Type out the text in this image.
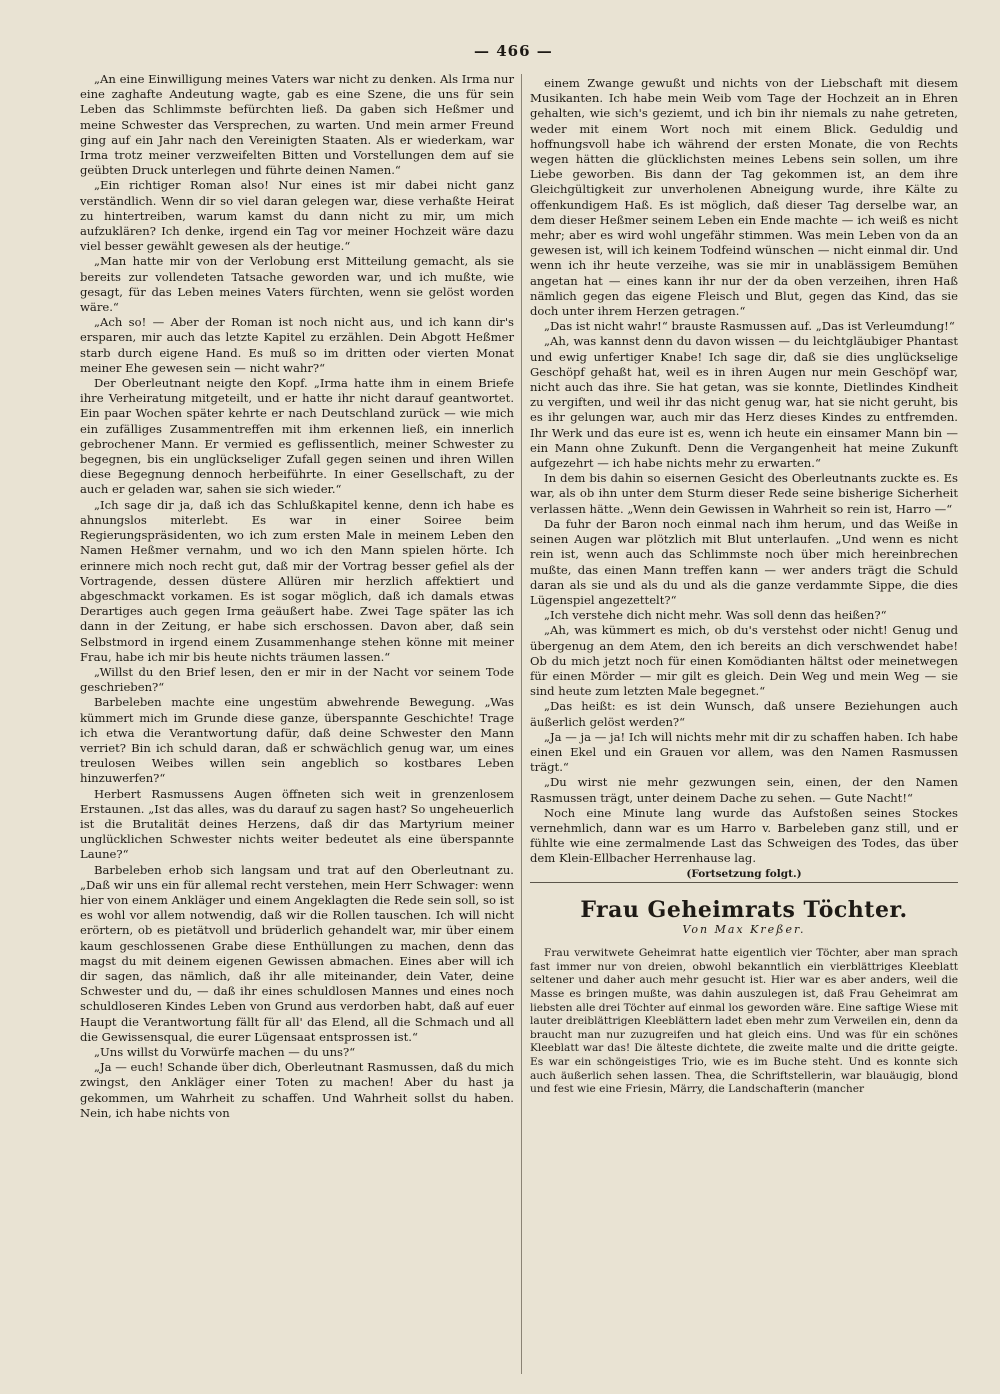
— 466 —

„An eine Einwilligung meines Vaters war nicht zu denken. Als Irma nur eine zaghafte Andeutung wagte, gab es eine Szene, die uns für sein Leben das Schlimmste befürchten ließ. Da gaben sich Heßmer und meine Schwester das Versprechen, zu warten. Und mein armer Freund ging auf ein Jahr nach den Vereinigten Staaten. Als er wiederkam, war Irma trotz meiner verzweifelten Bitten und Vorstellungen dem auf sie geübten Druck unterlegen und führte deinen Namen.“

„Ein richtiger Roman also! Nur eines ist mir dabei nicht ganz verständlich. Wenn dir so viel daran gelegen war, diese verhaßte Heirat zu hintertreiben, warum kamst du dann nicht zu mir, um mich aufzuklären? Ich denke, irgend ein Tag vor meiner Hochzeit wäre dazu viel besser gewählt gewesen als der heutige.“

„Man hatte mir von der Verlobung erst Mitteilung gemacht, als sie bereits zur vollendeten Tatsache geworden war, und ich mußte, wie gesagt, für das Leben meines Vaters fürchten, wenn sie gelöst worden wäre.“

„Ach so! — Aber der Roman ist noch nicht aus, und ich kann dir's ersparen, mir auch das letzte Kapitel zu erzählen. Dein Abgott Heßmer starb durch eigene Hand. Es muß so im dritten oder vierten Monat meiner Ehe gewesen sein — nicht wahr?“

Der Oberleutnant neigte den Kopf. „Irma hatte ihm in einem Briefe ihre Verheiratung mitgeteilt, und er hatte ihr nicht darauf geantwortet. Ein paar Wochen später kehrte er nach Deutschland zurück — wie mich ein zufälliges Zusammentreffen mit ihm erkennen ließ, ein innerlich gebrochener Mann. Er vermied es geflissentlich, meiner Schwester zu begegnen, bis ein unglückseliger Zufall gegen seinen und ihren Willen diese Begegnung dennoch herbeiführte. In einer Gesellschaft, zu der auch er geladen war, sahen sie sich wieder.“

„Ich sage dir ja, daß ich das Schlußkapitel kenne, denn ich habe es ahnungslos miterlebt. Es war in einer Soiree beim Regierungspräsidenten, wo ich zum ersten Male in meinem Leben den Namen Heßmer vernahm, und wo ich den Mann spielen hörte. Ich erinnere mich noch recht gut, daß mir der Vortrag besser gefiel als der Vortragende, dessen düstere Allüren mir herzlich affektiert und abgeschmackt vorkamen. Es ist sogar möglich, daß ich damals etwas Derartiges auch gegen Irma geäußert habe. Zwei Tage später las ich dann in der Zeitung, er habe sich erschossen. Davon aber, daß sein Selbstmord in irgend einem Zusammenhange stehen könne mit meiner Frau, habe ich mir bis heute nichts träumen lassen.“

„Willst du den Brief lesen, den er mir in der Nacht vor seinem Tode geschrieben?“

Barbeleben machte eine ungestüm abwehrende Bewegung. „Was kümmert mich im Grunde diese ganze, überspannte Geschichte! Trage ich etwa die Verantwortung dafür, daß deine Schwester den Mann verriet? Bin ich schuld daran, daß er schwächlich genug war, um eines treulosen Weibes willen sein angeblich so kostbares Leben hinzuwerfen?“

Herbert Rasmussens Augen öffneten sich weit in grenzenlosem Erstaunen. „Ist das alles, was du darauf zu sagen hast? So ungeheuerlich ist die Brutalität deines Herzens, daß dir das Martyrium meiner unglücklichen Schwester nichts weiter bedeutet als eine überspannte Laune?“

Barbeleben erhob sich langsam und trat auf den Oberleutnant zu. „Daß wir uns ein für allemal recht verstehen, mein Herr Schwager: wenn hier von einem Ankläger und einem Angeklagten die Rede sein soll, so ist es wohl vor allem notwendig, daß wir die Rollen tauschen. Ich will nicht erörtern, ob es pietätvoll und brüderlich gehandelt war, mir über einem kaum geschlossenen Grabe diese Enthüllungen zu machen, denn das magst du mit deinem eigenen Gewissen abmachen. Eines aber will ich dir sagen, das nämlich, daß ihr alle miteinander, dein Vater, deine Schwester und du, — daß ihr eines schuldlosen Mannes und eines noch schuldloseren Kindes Leben von Grund aus verdorben habt, daß auf euer Haupt die Verantwortung fällt für all' das Elend, all die Schmach und all die Gewissensqual, die eurer Lügensaat entsprossen ist.“

„Uns willst du Vorwürfe machen — du uns?“

„Ja — euch! Schande über dich, Oberleutnant Rasmussen, daß du mich zwingst, den Ankläger einer Toten zu machen! Aber du hast ja gekommen, um Wahrheit zu schaffen. Und Wahrheit sollst du haben. Nein, ich habe nichts von

einem Zwange gewußt und nichts von der Liebschaft mit diesem Musikanten. Ich habe mein Weib vom Tage der Hochzeit an in Ehren gehalten, wie sich's geziemt, und ich bin ihr niemals zu nahe getreten, weder mit einem Wort noch mit einem Blick. Geduldig und hoffnungsvoll habe ich während der ersten Monate, die von Rechts wegen hätten die glücklichsten meines Lebens sein sollen, um ihre Liebe geworben. Bis dann der Tag gekommen ist, an dem ihre Gleichgültigkeit zur unverholenen Abneigung wurde, ihre Kälte zu offenkundigem Haß. Es ist möglich, daß dieser Tag derselbe war, an dem dieser Heßmer seinem Leben ein Ende machte — ich weiß es nicht mehr; aber es wird wohl ungefähr stimmen. Was mein Leben von da an gewesen ist, will ich keinem Todfeind wünschen — nicht einmal dir. Und wenn ich ihr heute verzeihe, was sie mir in unablässigem Bemühen angetan hat — eines kann ihr nur der da oben verzeihen, ihren Haß nämlich gegen das eigene Fleisch und Blut, gegen das Kind, das sie doch unter ihrem Herzen getragen.“

„Das ist nicht wahr!“ brauste Rasmussen auf. „Das ist Verleumdung!“

„Ah, was kannst denn du davon wissen — du leichtgläubiger Phantast und ewig unfertiger Knabe! Ich sage dir, daß sie dies unglückselige Geschöpf gehaßt hat, weil es in ihren Augen nur mein Geschöpf war, nicht auch das ihre. Sie hat getan, was sie konnte, Dietlindes Kindheit zu vergiften, und weil ihr das nicht genug war, hat sie nicht geruht, bis es ihr gelungen war, auch mir das Herz dieses Kindes zu entfremden. Ihr Werk und das eure ist es, wenn ich heute ein einsamer Mann bin — ein Mann ohne Zukunft. Denn die Vergangenheit hat meine Zukunft aufgezehrt — ich habe nichts mehr zu erwarten.“

In dem bis dahin so eisernen Gesicht des Oberleutnants zuckte es. Es war, als ob ihn unter dem Sturm dieser Rede seine bisherige Sicherheit verlassen hätte. „Wenn dein Gewissen in Wahrheit so rein ist, Harro —“

Da fuhr der Baron noch einmal nach ihm herum, und das Weiße in seinen Augen war plötzlich mit Blut unterlaufen. „Und wenn es nicht rein ist, wenn auch das Schlimmste noch über mich hereinbrechen mußte, das einen Mann treffen kann — wer anders trägt die Schuld daran als sie und als du und als die ganze verdammte Sippe, die dies Lügenspiel angezettelt?“

„Ich verstehe dich nicht mehr. Was soll denn das heißen?“

„Ah, was kümmert es mich, ob du's verstehst oder nicht! Genug und übergenug an dem Atem, den ich bereits an dich verschwendet habe! Ob du mich jetzt noch für einen Komödianten hältst oder meinetwegen für einen Mörder — mir gilt es gleich. Dein Weg und mein Weg — sie sind heute zum letzten Male begegnet.“

„Das heißt: es ist dein Wunsch, daß unsere Beziehungen auch äußerlich gelöst werden?“

„Ja — ja — ja! Ich will nichts mehr mit dir zu schaffen haben. Ich habe einen Ekel und ein Grauen vor allem, was den Namen Rasmussen trägt.“

„Du wirst nie mehr gezwungen sein, einen, der den Namen Rasmussen trägt, unter deinem Dache zu sehen. — Gute Nacht!“

Noch eine Minute lang wurde das Aufstoßen seines Stockes vernehmlich, dann war es um Harro v. Barbeleben ganz still, und er fühlte wie eine zermalmende Last das Schweigen des Todes, das über dem Klein-Ellbacher Herrenhause lag.

(Fortsetzung folgt.)

Frau Geheimrats Töchter.
Von Max Kreßer.

Frau verwitwete Geheimrat hatte eigentlich vier Töchter, aber man sprach fast immer nur von dreien, obwohl bekanntlich ein vierblättriges Kleeblatt seltener und daher auch mehr gesucht ist. Hier war es aber anders, weil die Masse es bringen mußte, was dahin auszulegen ist, daß Frau Geheimrat am liebsten alle drei Töchter auf einmal los geworden wäre. Eine saftige Wiese mit lauter dreiblättrigen Kleeblättern ladet eben mehr zum Verweilen ein, denn da braucht man nur zuzugreifen und hat gleich eins. Und was für ein schönes Kleeblatt war das! Die älteste dichtete, die zweite malte und die dritte geigte. Es war ein schöngeistiges Trio, wie es im Buche steht. Und es konnte sich auch äußerlich sehen lassen. Thea, die Schriftstellerin, war blauäugig, blond und fest wie eine Friesin, Märry, die Landschafterin (mancher
